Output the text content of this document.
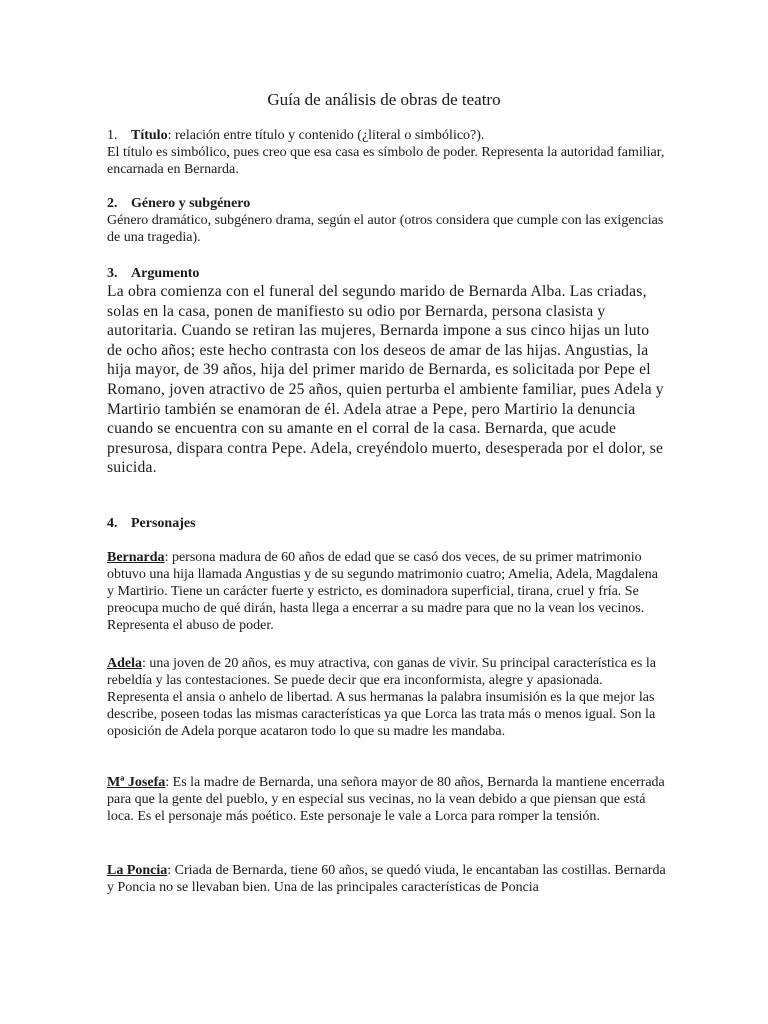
Guía de análisis de obras de teatro
1. Título: relación entre título y contenido (¿literal o simbólico?).
El título es simbólico, pues creo que esa casa es símbolo de poder. Representa la autoridad familiar, encarnada en Bernarda.
2. Género y subgénero
Género dramático, subgénero drama, según el autor (otros considera que cumple con las exigencias de una tragedia).
3. Argumento
La obra comienza con el funeral del segundo marido de Bernarda Alba. Las criadas, solas en la casa, ponen de manifiesto su odio por Bernarda, persona clasista y autoritaria. Cuando se retiran las mujeres, Bernarda impone a sus cinco hijas un luto de ocho años; este hecho contrasta con los deseos de amar de las hijas. Angustias, la hija mayor, de 39 años, hija del primer marido de Bernarda, es solicitada por Pepe el Romano, joven atractivo de 25 años, quien perturba el ambiente familiar, pues Adela y Martirio también se enamoran de él. Adela atrae a Pepe, pero Martirio la denuncia cuando se encuentra con su amante en el corral de la casa. Bernarda, que acude presurosa, dispara contra Pepe. Adela, creyéndolo muerto, desesperada por el dolor, se suicida.
4. Personajes
Bernarda: persona madura de 60 años de edad que se casó dos veces, de su primer matrimonio obtuvo una hija llamada Angustias y de su segundo matrimonio cuatro; Amelia, Adela, Magdalena y Martirio. Tiene un carácter fuerte y estricto, es dominadora superficial, tirana, cruel y fría. Se preocupa mucho de qué dirán, hasta llega a encerrar a su madre para que no la vean los vecinos. Representa el abuso de poder.
Adela: una joven de 20 años, es muy atractiva, con ganas de vivir. Su principal característica es la rebeldía y las contestaciones. Se puede decir que era inconformista, alegre y apasionada. Representa el ansia o anhelo de libertad. A sus hermanas la palabra insumisión es la que mejor las describe, poseen todas las mismas características ya que Lorca las trata más o menos igual. Son la oposición de Adela porque acataron todo lo que su madre les mandaba.
Mª Josefa: Es la madre de Bernarda, una señora mayor de 80 años, Bernarda la mantiene encerrada para que la gente del pueblo, y en especial sus vecinas, no la vean debido a que piensan que está loca. Es el personaje más poético. Este personaje le vale a Lorca para romper la tensión.
La Poncia: Criada de Bernarda, tiene 60 años, se quedó viuda, le encantaban las costillas. Bernarda y Poncia no se llevaban bien. Una de las principales características de Poncia
